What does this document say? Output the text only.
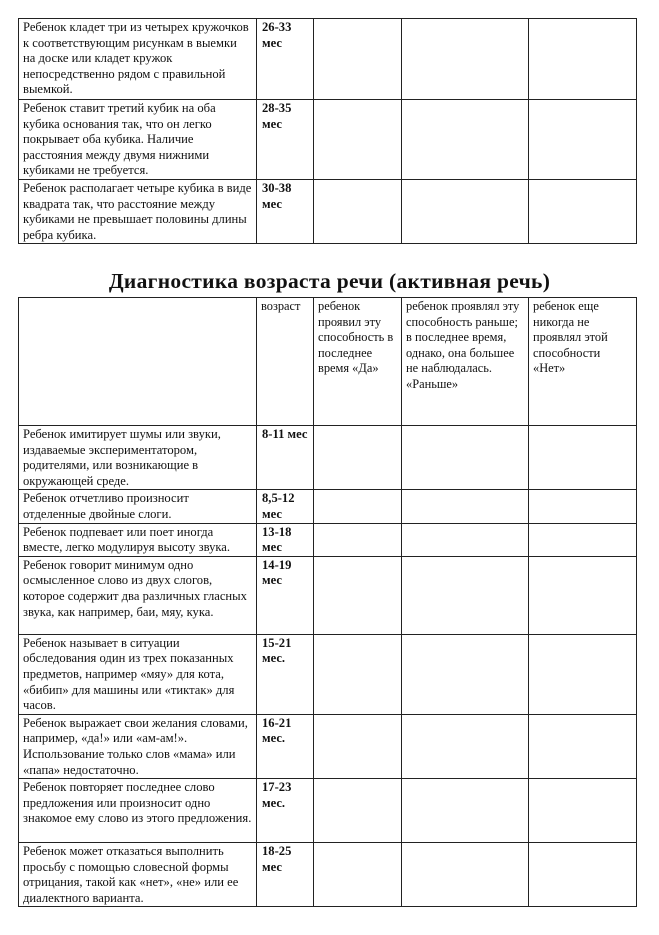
Ребенок кладет три из четырех кружочков к соответствующим рисункам в выемки на доске или кладет кружок непосредственно рядом с правильной выемкой.	26-33 мес			
Ребенок ставит третий кубик на оба кубика основания так, что он легко покрывает оба кубика. Наличие расстояния между двумя нижними кубиками не требуется.	28-35 мес			
Ребенок располагает четыре кубика в виде квадрата так, что расстояние между кубиками не превышает половины длины ребра кубика.	30-38 мес			
Диагностика возраста речи (активная речь)
	возраст	ребенок проявил эту способность в последнее время «Да»	ребенок проявлял эту способность раньше; в последнее время, однако, она большее не наблюдалась. «Раньше»	ребенок еще никогда не проявлял этой способности «Нет»
Ребенок имитирует шумы или звуки, издаваемые экспериментатором, родителями, или возникающие в окружающей среде.	8-11 мес			
Ребенок отчетливо произносит отделенные двойные слоги.	8,5-12 мес			
Ребенок подпевает или поет иногда вместе, легко модулируя высоту звука.	13-18 мес			
Ребенок говорит минимум одно осмысленное слово из двух слогов, которое содержит два различных гласных звука, как например, баи, мяу, кука.	14-19 мес			
Ребенок называет в ситуации обследования один из трех показанных предметов, например «мяу» для кота, «бибип» для машины или «тиктак» для часов.	15-21 мес.			
Ребенок выражает свои желания словами, например, «да!» или «ам-ам!». Использование только слов «мама» или «папа» недостаточно.	16-21 мес.			
Ребенок повторяет последнее слово предложения или произносит одно знакомое ему слово из этого предложения.	17-23 мес.			
Ребенок может отказаться выполнить просьбу с помощью словесной формы отрицания, такой как «нет», «не» или ее диалектного варианта.	18-25 мес			
